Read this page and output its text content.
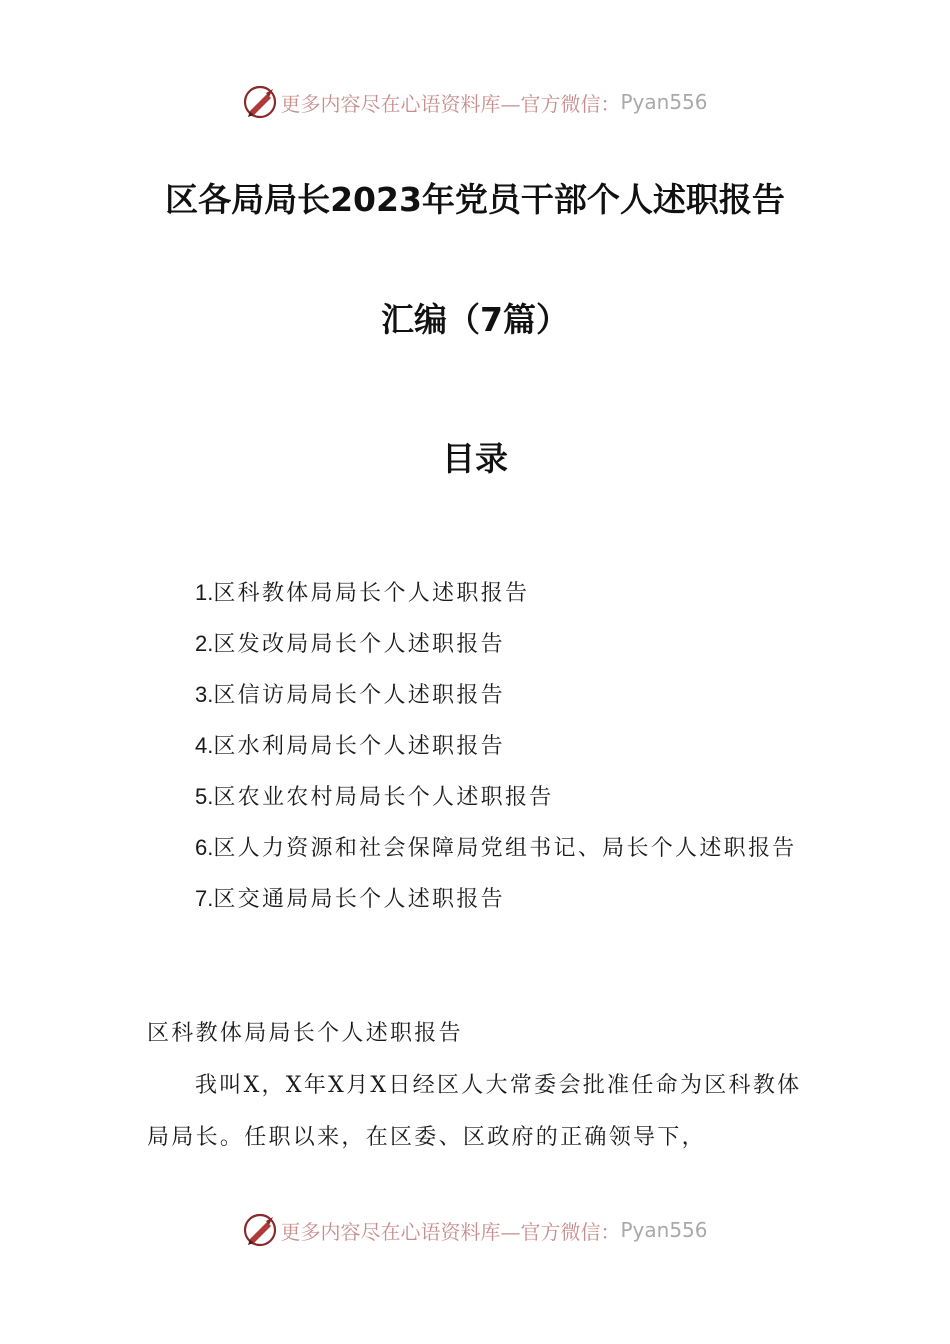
更多内容尽在心语资料库—官方微信： Pyan556
区各局局长2023年党员干部个人述职报告
汇编（7篇）
目录

1.区科教体局局长个人述职报告

2.区发改局局长个人述职报告

3.区信访局局长个人述职报告

4.区水利局局长个人述职报告

5.区农业农村局局长个人述职报告

6.区人力资源和社会保障局党组书记、局长个人述职报告

7.区交通局局长个人述职报告

区科教体局局长个人述职报告

我叫X，X年X月X日经区人大常委会批准任命为区科教体局局长。任职以来，在区委、区政府的正确领导下，

更多内容尽在心语资料库—官方微信： Pyan556
